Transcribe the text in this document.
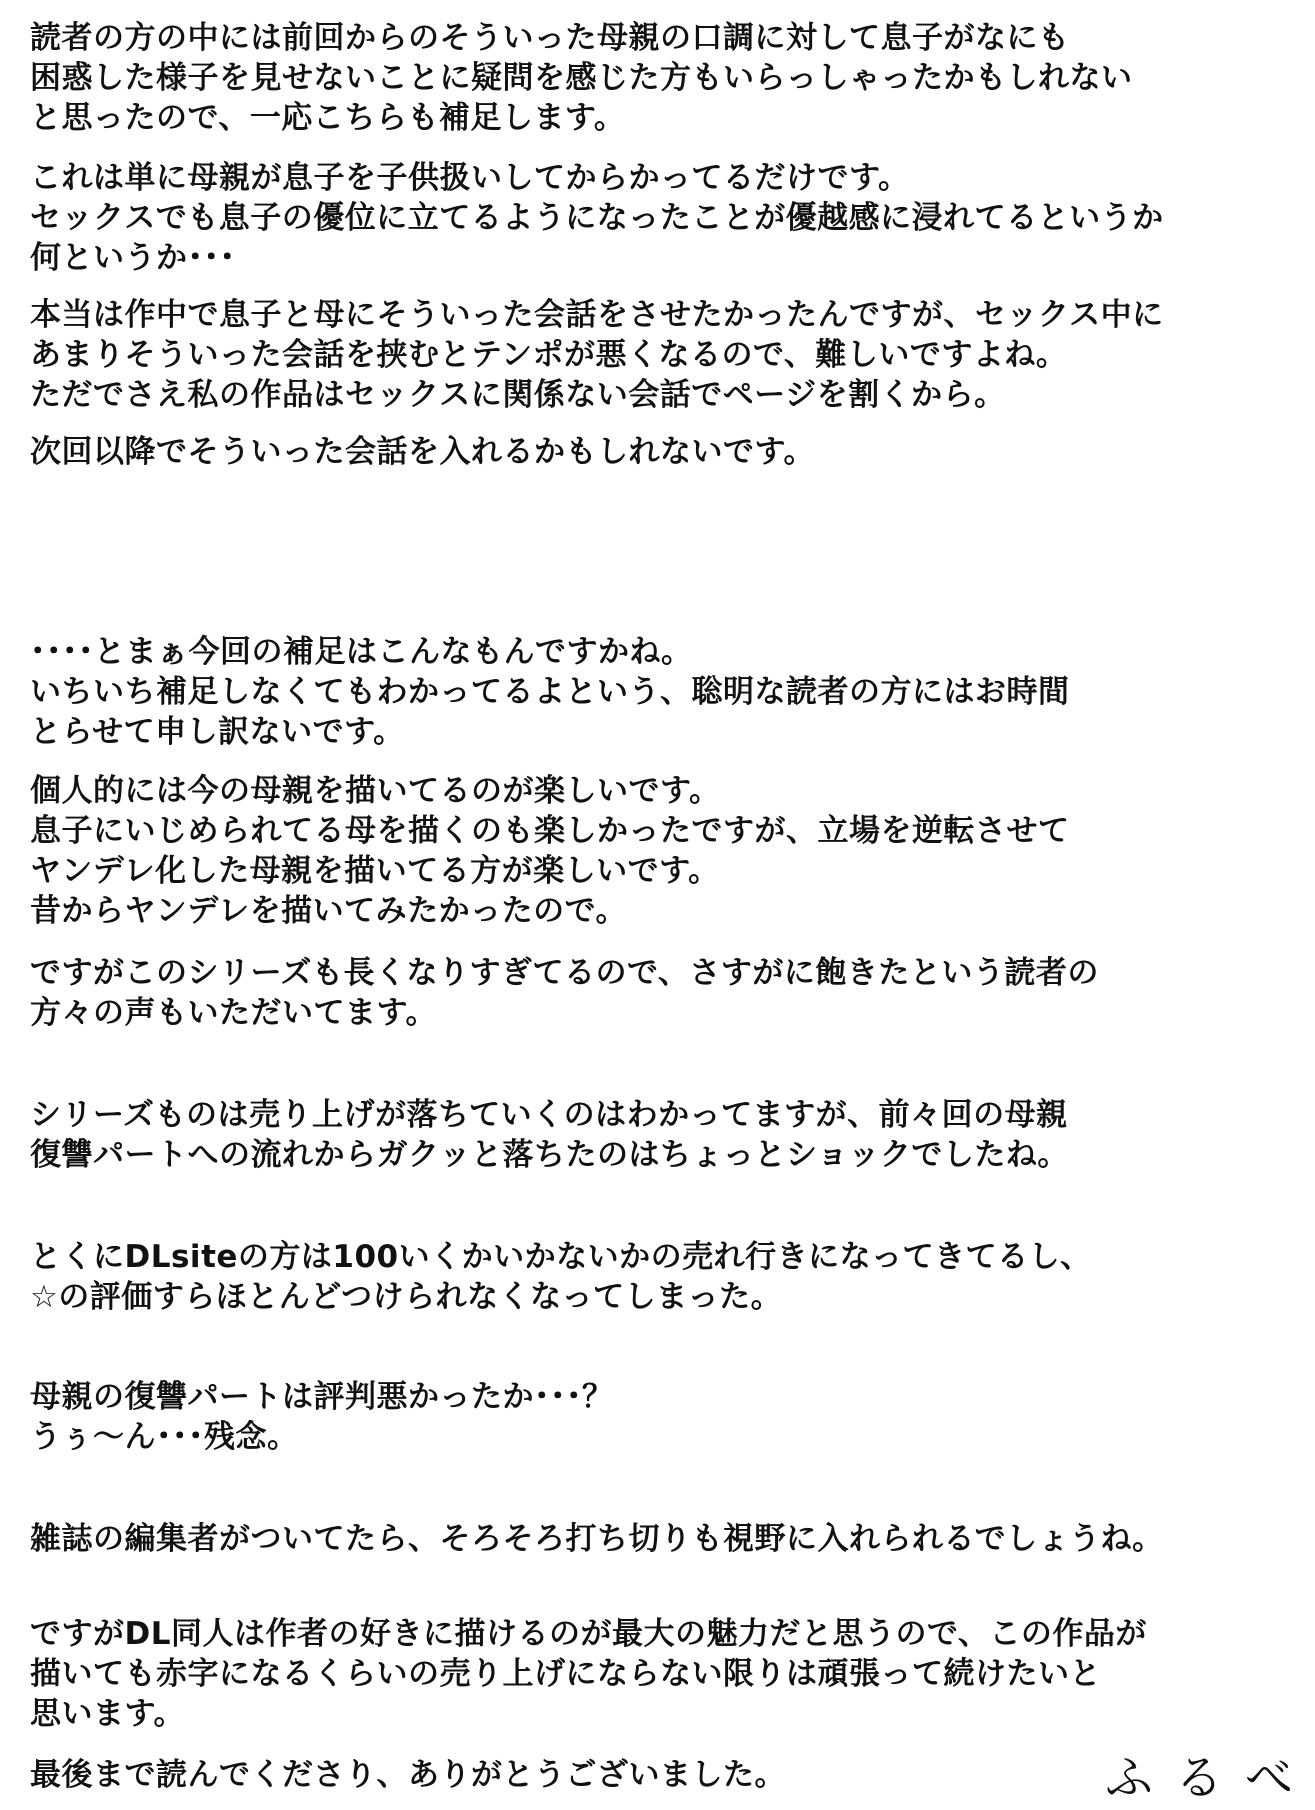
読者の方の中には前回からのそういった母親の口調に対して息子がなにも
困惑した様子を見せないことに疑問を感じた方もいらっしゃったかもしれない
と思ったので、一応こちらも補足します。
これは単に母親が息子を子供扱いしてからかってるだけです。
セックスでも息子の優位に立てるようになったことが優越感に浸れてるというか
何というか･･･
本当は作中で息子と母にそういった会話をさせたかったんですが、セックス中に
あまりそういった会話を挟むとテンポが悪くなるので、難しいですよね。
ただでさえ私の作品はセックスに関係ない会話でページを割くから。
次回以降でそういった会話を入れるかもしれないです。
････とまぁ今回の補足はこんなもんですかね。
いちいち補足しなくてもわかってるよという、聡明な読者の方にはお時間
とらせて申し訳ないです。
個人的には今の母親を描いてるのが楽しいです。
息子にいじめられてる母を描くのも楽しかったですが、立場を逆転させて
ヤンデレ化した母親を描いてる方が楽しいです。
昔からヤンデレを描いてみたかったので。
ですがこのシリーズも長くなりすぎてるので、さすがに飽きたという読者の
方々の声もいただいてます。
シリーズものは売り上げが落ちていくのはわかってますが、前々回の母親
復讐パートへの流れからガクッと落ちたのはちょっとショックでしたね。
とくにDLsiteの方は100いくかいかないかの売れ行きになってきてるし、
☆の評価すらほとんどつけられなくなってしまった。
母親の復讐パートは評判悪かったか･･･？
うぅ～ん･･･残念。
雑誌の編集者がついてたら、そろそろ打ち切りも視野に入れられるでしょうね。
ですがDL同人は作者の好きに描けるのが最大の魅力だと思うので、この作品が
描いても赤字になるくらいの売り上げにならない限りは頑張って続けたいと
思います。
最後まで読んでくださり、ありがとうございました。	ふるべ
